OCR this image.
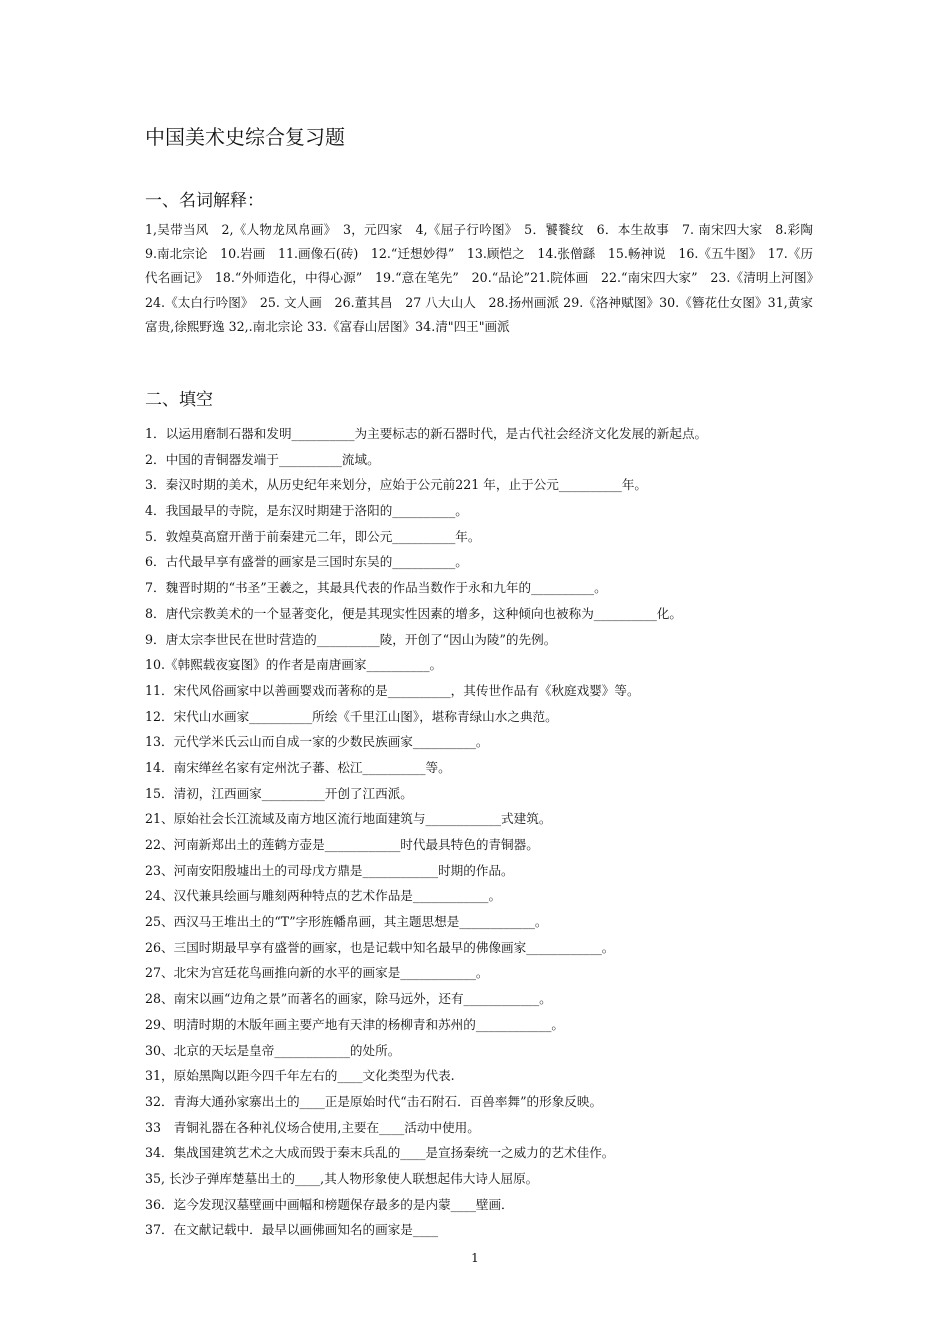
中国美术史综合复习题
一、名词解释：
1,吴带当风　2,《人物龙凤帛画》　3，元四家　4,《屈子行吟图》　5．饕餮纹　6．本生故事　7. 南宋四大家　8.彩陶　9.南北宗论　10.岩画　11.画像石(砖)　12.“迁想妙得”　13.顾恺之　14.张僧繇　15.畅神说　16.《五牛图》　17.《历代名画记》　18.“外师造化，中得心源”　19.“意在笔先”　20.“品论”21.院体画　22.“南宋四大家”　23.《清明上河图》　24.《太白行吟图》　25. 文人画　26.董其昌　27 八大山人　28.扬州画派 29.《洛神赋图》30.《簪花仕女图》31,黄家富贵,徐熙野逸 32,.南北宗论 33.《富春山居图》34.清"四王"画派
二、填空
1．以运用磨制石器和发明__________为主要标志的新石器时代，是古代社会经济文化发展的新起点。
2．中国的青铜器发端于__________流域。
3．秦汉时期的美术，从历史纪年来划分，应始于公元前221 年，止于公元__________年。
4．我国最早的寺院，是东汉时期建于洛阳的__________。
5．敦煌莫高窟开凿于前秦建元二年，即公元__________年。
6．古代最早享有盛誉的画家是三国时东吴的__________。
7．魏晋时期的“书圣”王羲之，其最具代表的作品当数作于永和九年的__________。
8．唐代宗教美术的一个显著变化，便是其现实性因素的增多，这种倾向也被称为__________化。
9．唐太宗李世民在世时营造的__________陵，开创了“因山为陵”的先例。
10.《韩熙载夜宴图》的作者是南唐画家__________。
11．宋代风俗画家中以善画婴戏而著称的是__________，其传世作品有《秋庭戏婴》等。
12．宋代山水画家__________所绘《千里江山图》，堪称青绿山水之典范。
13．元代学米氏云山而自成一家的少数民族画家__________。
14．南宋缂丝名家有定州沈子蕃、松江__________等。
15．清初，江西画家__________开创了江西派。
21、原始社会长江流域及南方地区流行地面建筑与____________式建筑。
22、河南新郑出土的莲鹤方壶是____________时代最具特色的青铜器。
23、河南安阳殷墟出土的司母戊方鼎是____________时期的作品。
24、汉代兼具绘画与雕刻两种特点的艺术作品是____________。
25、西汉马王堆出土的“T”字形旌幡帛画，其主题思想是____________。
26、三国时期最早享有盛誉的画家，也是记载中知名最早的佛像画家____________。
27、北宋为宫廷花鸟画推向新的水平的画家是____________。
28、南宋以画“边角之景”而著名的画家，除马远外，还有____________。
29、明清时期的木版年画主要产地有天津的杨柳青和苏州的____________。
30、北京的天坛是皇帝____________的处所。
31，原始黑陶以距今四千年左右的____文化类型为代表.
32．青海大通孙家寨出土的____正是原始时代“击石附石．百兽率舞”的形象反映。
33　青铜礼器在各种礼仪场合使用,主要在____活动中使用。
34．集战国建筑艺术之大成而毁于秦末兵乱的____是宣扬秦统一之威力的艺术佳作。
35, 长沙子弹库楚墓出土的____,其人物形象使人联想起伟大诗人屈原。
36．迄今发现汉墓壁画中画幅和榜题保存最多的是内蒙____壁画．
37．在文献记载中．最早以画佛画知名的画家是____
1
